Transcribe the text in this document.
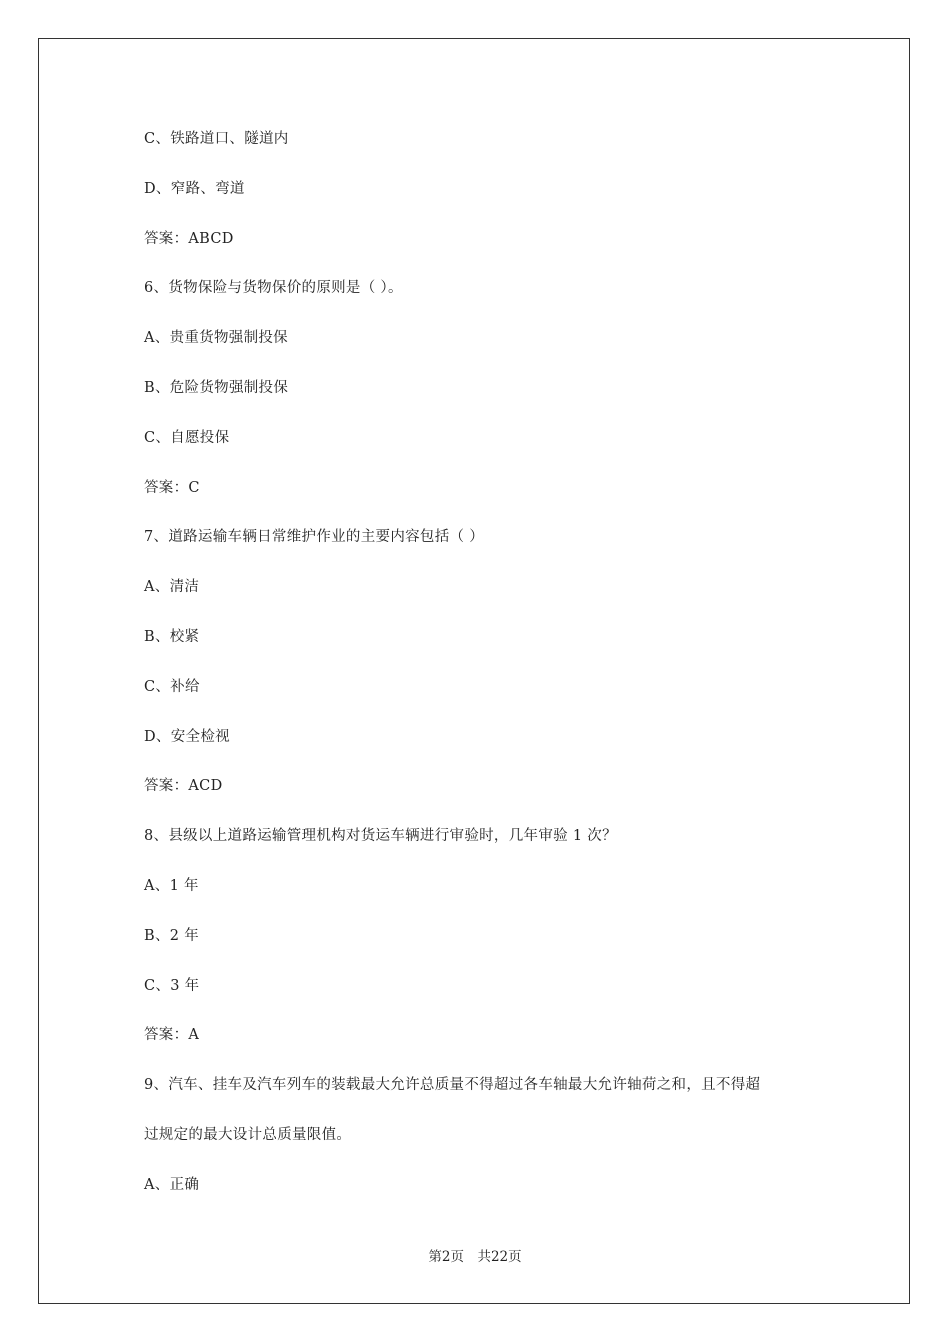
C、铁路道口、隧道内
D、窄路、弯道
答案：ABCD
6、货物保险与货物保价的原则是（ ）。
A、贵重货物强制投保
B、危险货物强制投保
C、自愿投保
答案：C
7、道路运输车辆日常维护作业的主要内容包括（ ）
A、清洁
B、校紧
C、补给
D、安全检视
答案：ACD
8、县级以上道路运输管理机构对货运车辆进行审验时，几年审验 1 次？
A、1 年
B、2 年
C、3 年
答案：A
9、汽车、挂车及汽车列车的装载最大允许总质量不得超过各车轴最大允许轴荷之和，且不得超
过规定的最大设计总质量限值。
A、正确
第2页　共22页
